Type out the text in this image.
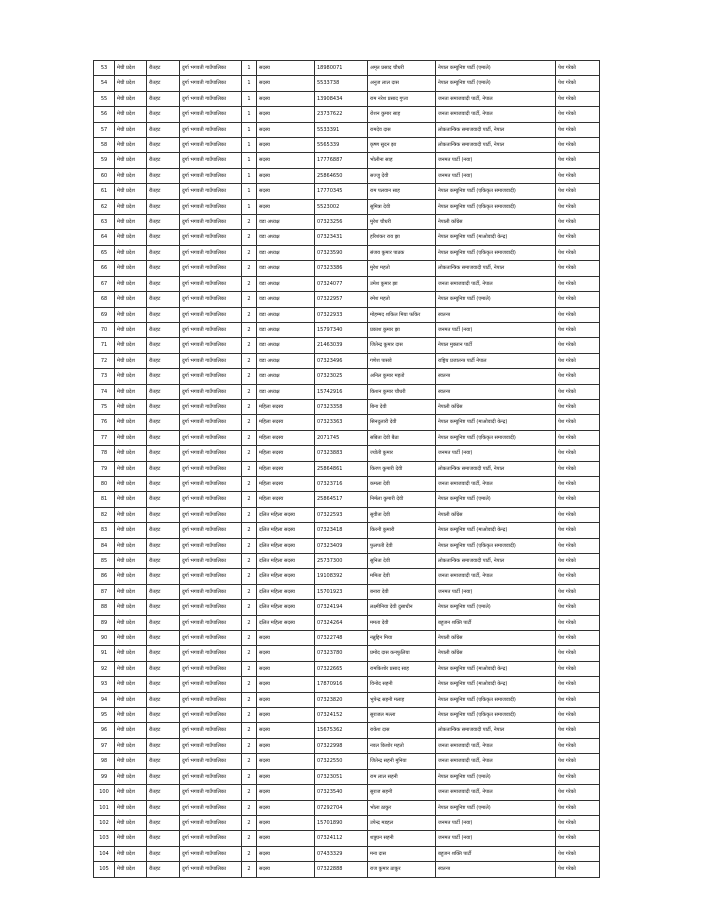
53	मेची प्रदेश	रौतहट	दुर्गा भगवती गाउँपालिका	1	सदस्य	18980071	अमृत प्रसाद चौधरी	नेपाल कम्युनिष्ट पार्टी (एमाले)	पेश गरेको
54	मेची प्रदेश	रौतहट	दुर्गा भगवती गाउँपालिका	1	सदस्य	5533738	अनुज लाल दास	नेपाल कम्युनिष्ट पार्टी (एमाले)	पेश गरेको
55	मेची प्रदेश	रौतहट	दुर्गा भगवती गाउँपालिका	1	सदस्य	13908434	राम नरेश प्रसाद गुप्ता	जनता समाजवादी पार्टी, नेपाल	पेश गरेको
56	मेची प्रदेश	रौतहट	दुर्गा भगवती गाउँपालिका	1	सदस्य	23737622	रोशन कुमार साह	जनता समाजवादी पार्टी, नेपाल	पेश गरेको
57	मेची प्रदेश	रौतहट	दुर्गा भगवती गाउँपालिका	1	सदस्य	5533391	रामदेव दास	लोकतान्त्रिक समाजवादी पार्टी, नेपाल	पेश गरेको
58	मेची प्रदेश	रौतहट	दुर्गा भगवती गाउँपालिका	1	सदस्य	5565339	कृष्ण सुदन झा	लोकतान्त्रिक समाजवादी पार्टी, नेपाल	पेश गरेको
59	मेची प्रदेश	रौतहट	दुर्गा भगवती गाउँपालिका	1	सदस्य	17776887	भोलीना साह	जनमत पार्टी (नया)	पेश गरेको
60	मेची प्रदेश	रौतहट	दुर्गा भगवती गाउँपालिका	1	सदस्य	25864650	सज्जु देवी	जनमत पार्टी (नया)	पेश गरेको
61	मेची प्रदेश	रौतहट	दुर्गा भगवती गाउँपालिका	1	सदस्य	17770345	राम पलवान साह	नेपाल कम्युनिष्ट पार्टी (एकिकृत समाजवादी)	पेश गरेको
62	मेची प्रदेश	रौतहट	दुर्गा भगवती गाउँपालिका	1	सदस्य	5523002	सुमित्रा देवी	नेपाल कम्युनिष्ट पार्टी (एकिकृत समाजवादी)	पेश गरेको
63	मेची प्रदेश	रौतहट	दुर्गा भगवती गाउँपालिका	2	वडा अध्यक्ष	07323256	मुरेश चौधरी	नेपाली काँग्रेस	पेश गरेको
64	मेची प्रदेश	रौतहट	दुर्गा भगवती गाउँपालिका	2	वडा अध्यक्ष	07323431	हरिशंकर राय झा	नेपाल कम्युनिष्ट पार्टी (माओवादी केन्द्र)	पेश गरेको
65	मेची प्रदेश	रौतहट	दुर्गा भगवती गाउँपालिका	2	वडा अध्यक्ष	07323590	संजय कुमार पाठक	नेपाल कम्युनिष्ट पार्टी (एकिकृत समाजवादी)	पेश गरेको
66	मेची प्रदेश	रौतहट	दुर्गा भगवती गाउँपालिका	2	वडा अध्यक्ष	07323386	मुरेश महतो	लोकतान्त्रिक समाजवादी पार्टी, नेपाल	पेश गरेको
67	मेची प्रदेश	रौतहट	दुर्गा भगवती गाउँपालिका	2	वडा अध्यक्ष	07324077	उमेश कुमार झा	जनता समाजवादी पार्टी, नेपाल	पेश गरेको
68	मेची प्रदेश	रौतहट	दुर्गा भगवती गाउँपालिका	2	वडा अध्यक्ष	07322957	रमेश महतो	नेपाल कम्युनिष्ट पार्टी (एमाले)	पेश गरेको
69	मेची प्रदेश	रौतहट	दुर्गा भगवती गाउँपालिका	2	वडा अध्यक्ष	07322933	मोहम्मद शकिल मिया फकिर	स्वतन्त्र	पेश गरेको
70	मेची प्रदेश	रौतहट	दुर्गा भगवती गाउँपालिका	2	वडा अध्यक्ष	15797340	प्रकाश कुमार झा	जनमत पार्टी (नया)	पेश गरेको
71	मेची प्रदेश	रौतहट	दुर्गा भगवती गाउँपालिका	2	वडा अध्यक्ष	21463039	जितेन्द्र कुमार दास	नेपाल मुक्तान पार्टी	पेश गरेको
72	मेची प्रदेश	रौतहट	दुर्गा भगवती गाउँपालिका	2	वडा अध्यक्ष	07323496	गणेश पासवे	राष्ट्रिय प्रजातन्त्र पार्टी नेपाल	पेश गरेको
73	मेची प्रदेश	रौतहट	दुर्गा भगवती गाउँपालिका	2	वडा अध्यक्ष	07323025	अनिल कुमार महतो	स्वतन्त्र	पेश गरेको
74	मेची प्रदेश	रौतहट	दुर्गा भगवती गाउँपालिका	2	वडा अध्यक्ष	15742916	किशन कुमार चौधरी	स्वतन्त्र	पेश गरेको
75	मेची प्रदेश	रौतहट	दुर्गा भगवती गाउँपालिका	2	महिला सदस्य	07323358	बिना देवी	नेपाली काँग्रेस	पेश गरेको
76	मेची प्रदेश	रौतहट	दुर्गा भगवती गाउँपालिका	2	महिला सदस्य	07323363	सिनदुलारी देवी	नेपाल कम्युनिष्ट पार्टी (माओवादी केन्द्र)	पेश गरेको
77	मेची प्रदेश	रौतहट	दुर्गा भगवती गाउँपालिका	2	महिला सदस्य	2071745	सबिता देवी बैठा	नेपाल कम्युनिष्ट पार्टी (एकिकृत समाजवादी)	पेश गरेको
78	मेची प्रदेश	रौतहट	दुर्गा भगवती गाउँपालिका	2	महिला सदस्य	07323883	ज्योती कुमार	जनमत पार्टी (नया)	पेश गरेको
79	मेची प्रदेश	रौतहट	दुर्गा भगवती गाउँपालिका	2	महिला सदस्य	25864861	किरण कुमारी देवी	लोकतान्त्रिक समाजवादी पार्टी, नेपाल	पेश गरेको
80	मेची प्रदेश	रौतहट	दुर्गा भगवती गाउँपालिका	2	महिला सदस्य	07323716	कमला देवी	जनता समाजवादी पार्टी, नेपाल	पेश गरेको
81	मेची प्रदेश	रौतहट	दुर्गा भगवती गाउँपालिका	2	महिला सदस्य	25864517	निर्मला कुमारी देवी	नेपाल कम्युनिष्ट पार्टी (एमाले)	पेश गरेको
82	मेची प्रदेश	रौतहट	दुर्गा भगवती गाउँपालिका	2	दलित महिला सदस्य	07322593	सुवीता देवी	नेपाली काँग्रेस	पेश गरेको
83	मेची प्रदेश	रौतहट	दुर्गा भगवती गाउँपालिका	2	दलित महिला सदस्य	07323418	किरनी कुमारी	नेपाल कम्युनिष्ट पार्टी (माओवादी केन्द्र)	पेश गरेको
84	मेची प्रदेश	रौतहट	दुर्गा भगवती गाउँपालिका	2	दलित महिला सदस्य	07323409	फुलपती देवी	नेपाल कम्युनिष्ट पार्टी (एकिकृत समाजवादी)	पेश गरेको
85	मेची प्रदेश	रौतहट	दुर्गा भगवती गाउँपालिका	2	दलित महिला सदस्य	25737300	सुनिता देवी	लोकतान्त्रिक समाजवादी पार्टी, नेपाल	पेश गरेको
86	मेची प्रदेश	रौतहट	दुर्गा भगवती गाउँपालिका	2	दलित महिला सदस्य	19108392	ममिता देवी	जनता समाजवादी पार्टी, नेपाल	पेश गरेको
87	मेची प्रदेश	रौतहट	दुर्गा भगवती गाउँपालिका	2	दलित महिला सदस्य	15701923	बनारा देवी	जनमत पार्टी (नया)	पेश गरेको
88	मेची प्रदेश	रौतहट	दुर्गा भगवती गाउँपालिका	2	दलित महिला सदस्य	07324194	लक्ष्मीनिया देवी दुसाधीन	नेपाल कम्युनिष्ट पार्टी (एमाले)	पेश गरेको
89	मेची प्रदेश	रौतहट	दुर्गा भगवती गाउँपालिका	2	दलित महिला सदस्य	07324264	ममता देवी	बहुजन शक्ति पार्टी	पेश गरेको
90	मेची प्रदेश	रौतहट	दुर्गा भगवती गाउँपालिका	2	सदस्य	07322748	नन्नुद्दिन मिया	नेपाली काँग्रेस	पेश गरेको
91	मेची प्रदेश	रौतहट	दुर्गा भगवती गाउँपालिका	2	सदस्य	07323780	प्रमोद दास कनफुलिया	नेपाली काँग्रेस	पेश गरेको
92	मेची प्रदेश	रौतहट	दुर्गा भगवती गाउँपालिका	2	सदस्य	07322665	रामकिशोर प्रसाद साह	नेपाल कम्युनिष्ट पार्टी (माओवादी केन्द्र)	पेश गरेको
93	मेची प्रदेश	रौतहट	दुर्गा भगवती गाउँपालिका	2	सदस्य	17870916	विनोद सहनी	नेपाल कम्युनिष्ट पार्टी (माओवादी केन्द्र)	पेश गरेको
94	मेची प्रदेश	रौतहट	दुर्गा भगवती गाउँपालिका	2	सदस्य	07323820	भुपेन्द्र सहनी मलाह	नेपाल कम्युनिष्ट पार्टी (एकिकृत समाजवादी)	पेश गरेको
95	मेची प्रदेश	रौतहट	दुर्गा भगवती गाउँपालिका	2	सदस्य	07324152	सुराजल मल्ला	नेपाल कम्युनिष्ट पार्टी (एकिकृत समाजवादी)	पेश गरेको
96	मेची प्रदेश	रौतहट	दुर्गा भगवती गाउँपालिका	2	सदस्य	15675362	राकेश दास	लोकतान्त्रिक समाजवादी पार्टी, नेपाल	पेश गरेको
97	मेची प्रदेश	रौतहट	दुर्गा भगवती गाउँपालिका	2	सदस्य	07322998	नवल किशोर महतो	जनता समाजवादी पार्टी, नेपाल	पेश गरेको
98	मेची प्रदेश	रौतहट	दुर्गा भगवती गाउँपालिका	2	सदस्य	07322550	जितेन्द्र सहनी मुनिया	जनता समाजवादी पार्टी, नेपाल	पेश गरेको
99	मेची प्रदेश	रौतहट	दुर्गा भगवती गाउँपालिका	2	सदस्य	07323051	राम लाल सहनी	नेपाल कम्युनिष्ट पार्टी (एमाले)	पेश गरेको
100	मेची प्रदेश	रौतहट	दुर्गा भगवती गाउँपालिका	2	सदस्य	07323540	सुराज सहनी	जनता समाजवादी पार्टी, नेपाल	पेश गरेको
101	मेची प्रदेश	रौतहट	दुर्गा भगवती गाउँपालिका	2	सदस्य	07292704	भोला ठाकुर	नेपाल कम्युनिष्ट पार्टी (एमाले)	पेश गरेको
102	मेची प्रदेश	रौतहट	दुर्गा भगवती गाउँपालिका	2	सदस्य	15701890	उपेन्द्र मडहल	जनमत पार्टी (नया)	पेश गरेको
103	मेची प्रदेश	रौतहट	दुर्गा भगवती गाउँपालिका	2	सदस्य	07324112	शत्रुघन सहनी	जनमत पार्टी (नया)	पेश गरेको
104	मेची प्रदेश	रौतहट	दुर्गा भगवती गाउँपालिका	2	सदस्य	07433329	मना दास	बहुजन शक्ति पार्टी	पेश गरेको
105	मेची प्रदेश	रौतहट	दुर्गा भगवती गाउँपालिका	2	सदस्य	07322888	राज कुमार ठाकुर	स्वतन्त्र	पेश गरेको
